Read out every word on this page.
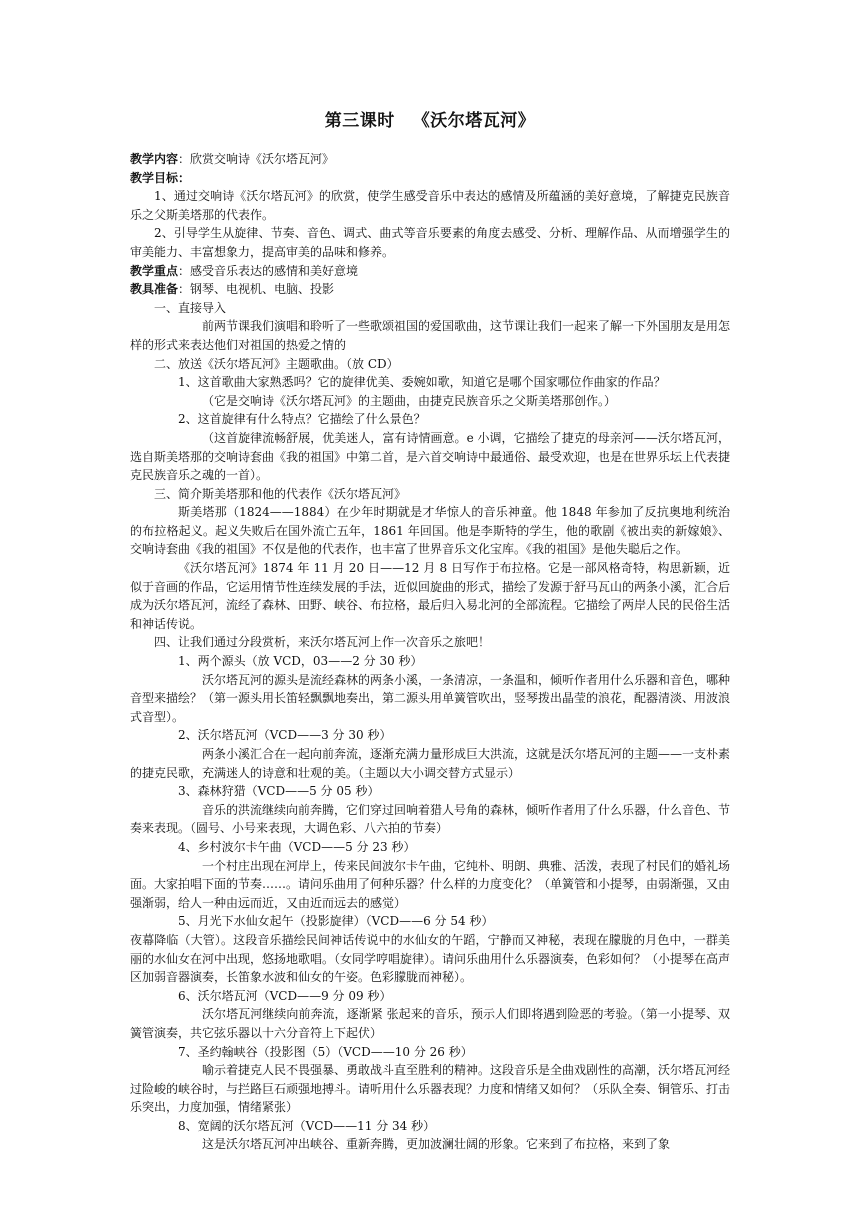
第三课时 《沃尔塔瓦河》

教学内容：欣赏交响诗《沃尔塔瓦河》

教学目标：

1、通过交响诗《沃尔塔瓦河》的欣赏，使学生感受音乐中表达的感情及所蕴涵的美好意境，了解捷克民族音乐之父斯美塔那的代表作。

2、引导学生从旋律、节奏、音色、调式、曲式等音乐要素的角度去感受、分析、理解作品、从而增强学生的审美能力、丰富想象力，提高审美的品味和修养。

教学重点：感受音乐表达的感情和美好意境

教具准备：钢琴、电视机、电脑、投影

一、直接导入

前两节课我们演唱和聆听了一些歌颂祖国的爱国歌曲，这节课让我们一起来了解一下外国朋友是用怎样的形式来表达他们对祖国的热爱之情的

二、放送《沃尔塔瓦河》主题歌曲。（放 CD）

1、这首歌曲大家熟悉吗？它的旋律优美、委婉如歌，知道它是哪个国家哪位作曲家的作品？

（它是交响诗《沃尔塔瓦河》的主题曲，由捷克民族音乐之父斯美塔那创作。）

2、这首旋律有什么特点？它描绘了什么景色？

（这首旋律流畅舒展，优美迷人，富有诗情画意。e 小调，它描绘了捷克的母亲河——沃尔塔瓦河，选自斯美塔那的交响诗套曲《我的祖国》中第二首，是六首交响诗中最通俗、最受欢迎，也是在世界乐坛上代表捷克民族音乐之魂的一首）。

三、简介斯美塔那和他的代表作《沃尔塔瓦河》

斯美塔那（1824——1884）在少年时期就是才华惊人的音乐神童。他 1848 年参加了反抗奥地利统治的布拉格起义。起义失败后在国外流亡五年，1861 年回国。他是李斯特的学生，他的歌剧《被出卖的新嫁娘》、交响诗套曲《我的祖国》不仅是他的代表作，也丰富了世界音乐文化宝库。《我的祖国》是他失聪后之作。

《沃尔塔瓦河》1874 年 11 月 20 日——12 月 8 日写作于布拉格。它是一部风格奇特，构思新颖，近似于音画的作品，它运用情节性连续发展的手法，近似回旋曲的形式，描绘了发源于舒马瓦山的两条小溪，汇合后成为沃尔塔瓦河，流经了森林、田野、峡谷、布拉格，最后归入易北河的全部流程。它描绘了两岸人民的民俗生活和神话传说。

四、让我们通过分段赏析，来沃尔塔瓦河上作一次音乐之旅吧！

1、两个源头（放 VCD，03——2 分 30 秒）

沃尔塔瓦河的源头是流经森林的两条小溪，一条清凉，一条温和，倾听作者用什么乐器和音色，哪种音型来描绘？（第一源头用长笛轻飘飘地奏出，第二源头用单簧管吹出，竖琴拨出晶莹的浪花，配器清淡、用波浪式音型）。

2、沃尔塔瓦河（VCD——3 分 30 秒）

两条小溪汇合在一起向前奔流，逐渐充满力量形成巨大洪流，这就是沃尔塔瓦河的主题——一支朴素的捷克民歌，充满迷人的诗意和壮观的美。（主题以大小调交替方式显示）

3、森林狩猎（VCD——5 分 05 秒）

音乐的洪流继续向前奔腾，它们穿过回响着猎人号角的森林，倾听作者用了什么乐器，什么音色、节奏来表现。（圆号、小号来表现，大调色彩、八六拍的节奏）

4、乡村波尔卡午曲（VCD——5 分 23 秒）

一个村庄出现在河岸上，传来民间波尔卡午曲，它纯朴、明朗、典雅、活泼，表现了村民们的婚礼场面。大家拍唱下面的节奏……。请问乐曲用了何种乐器？什么样的力度变化？（单簧管和小提琴，由弱渐强，又由强渐弱，给人一种由远而近，又由近而远去的感觉）

5、月光下水仙女起午（投影旋律）（VCD——6 分 54 秒）

夜幕降临（大管）。这段音乐描绘民间神话传说中的水仙女的午蹈，宁静而又神秘，表现在朦胧的月色中，一群美丽的水仙女在河中出现，悠扬地歌唱。（女同学哼唱旋律）。请问乐曲用什么乐器演奏，色彩如何？（小提琴在高声区加弱音器演奏，长笛象水波和仙女的午姿。色彩朦胧而神秘）。

6、沃尔塔瓦河（VCD——9 分 09 秒）

沃尔塔瓦河继续向前奔流，逐渐紧 张起来的音乐，预示人们即将遇到险恶的考验。（第一小提琴、双簧管演奏，共它弦乐器以十六分音符上下起伏）

7、圣约翰峡谷（投影图（5）（VCD——10 分 26 秒）

喻示着捷克人民不畏强暴、勇敢战斗直至胜利的精神。这段音乐是全曲戏剧性的高潮，沃尔塔瓦河经过险峻的峡谷时，与拦路巨石顽强地搏斗。请听用什么乐器表现？力度和情绪又如何？（乐队全奏、铜管乐、打击乐突出，力度加强，情绪紧张）

8、宽阔的沃尔塔瓦河（VCD——11 分 34 秒）

这是沃尔塔瓦河冲出峡谷、重新奔腾，更加波澜壮阔的形象。它来到了布拉格，来到了象
